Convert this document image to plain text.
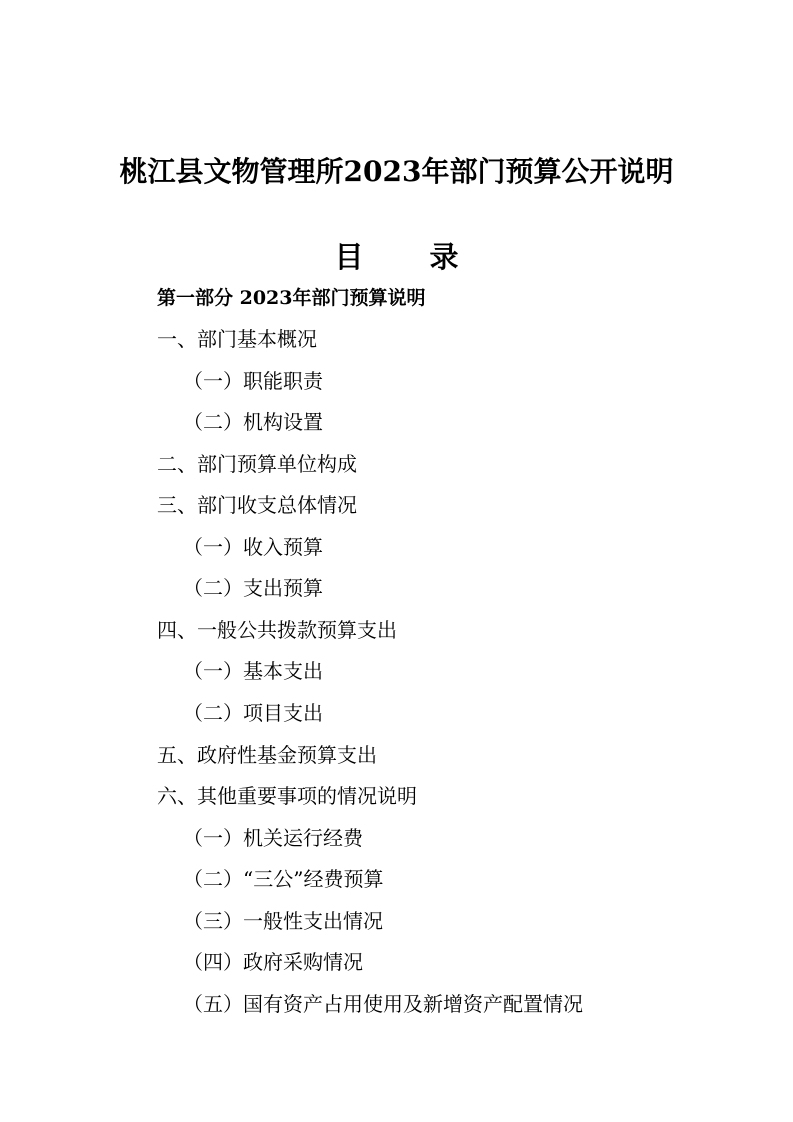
桃江县文物管理所2023年部门预算公开说明
目 录
第一部分 2023年部门预算说明
一、部门基本概况
（一）职能职责
（二）机构设置
二、部门预算单位构成
三、部门收支总体情况
（一）收入预算
（二）支出预算
四、一般公共拨款预算支出
（一）基本支出
（二）项目支出
五、政府性基金预算支出
六、其他重要事项的情况说明
（一）机关运行经费
（二）“三公”经费预算
（三）一般性支出情况
（四）政府采购情况
（五）国有资产占用使用及新增资产配置情况
